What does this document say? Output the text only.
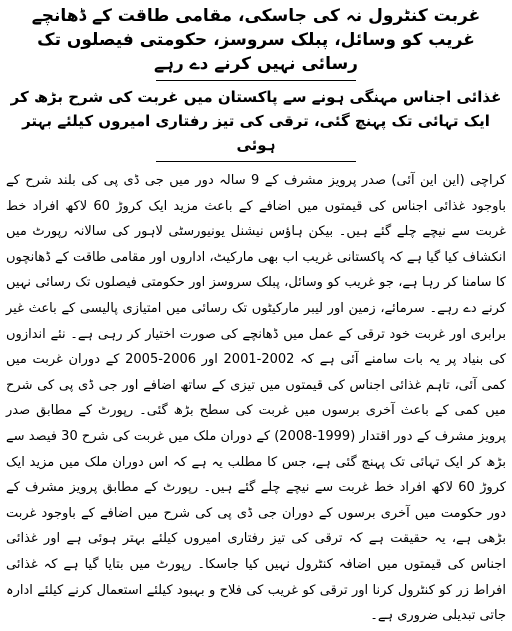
غربت کنٹرول نہ کی جاسکی، مقامی طاقت کے ڈھانچے غریب کو وسائل، پبلک سروسز، حکومتی فیصلوں تک رسائی نہیں کرنے دے رہے
غذائی اجناس مہنگی ہونے سے پاکستان میں غربت کی شرح بڑھ کر ایک تہائی تک پہنچ گئی، ترقی کی تیز رفتاری امیروں کیلئے بہتر ہوئی

کراچی (این این آئی) صدر پرویز مشرف کے 9 سالہ دور میں جی ڈی پی کی بلند شرح کے باوجود غذائی اجناس کی قیمتوں میں اضافے کے باعث مزید ایک کروڑ 60 لاکھ افراد خط غربت سے نیچے چلے گئے ہیں۔ بیکن ہاؤس نیشنل یونیورسٹی لاہور کی سالانہ رپورٹ میں انکشاف کیا گیا ہے کہ پاکستانی غریب اب بھی مارکیٹ، اداروں اور مقامی طاقت کے ڈھانچوں کا سامنا کر رہا ہے، جو غریب کو وسائل، پبلک سروسز اور حکومتی فیصلوں تک رسائی نہیں کرنے دے رہے۔ سرمائے، زمین اور لیبر مارکیٹوں تک رسائی میں امتیازی پالیسی کے باعث غیر برابری اور غربت خود ترقی کے عمل میں ڈھانچے کی صورت اختیار کر رہی ہے۔ نئے اندازوں کی بنیاد پر یہ بات سامنے آئی ہے کہ 2002-2001 اور 2006-2005 کے دوران غربت میں کمی آئی، تاہم غذائی اجناس کی قیمتوں میں تیزی کے ساتھ اضافے اور جی ڈی پی کی شرح میں کمی کے باعث آخری برسوں میں غربت کی سطح بڑھ گئی۔ رپورٹ کے مطابق صدر پرویز مشرف کے دور اقتدار (1999-2008) کے دوران ملک میں غربت کی شرح 30 فیصد سے بڑھ کر ایک تہائی تک پہنچ گئی ہے، جس کا مطلب یہ ہے کہ اس دوران ملک میں مزید ایک کروڑ 60 لاکھ افراد خط غربت سے نیچے چلے گئے ہیں۔ رپورٹ کے مطابق پرویز مشرف کے دور حکومت میں آخری برسوں کے دوران جی ڈی پی کی شرح میں اضافے کے باوجود غربت بڑھی ہے، یہ حقیقت ہے کہ ترقی کی تیز رفتاری امیروں کیلئے بہتر ہوئی ہے اور غذائی اجناس کی قیمتوں میں اضافہ کنٹرول نہیں کیا جاسکا۔ رپورٹ میں بتایا گیا ہے کہ غذائی افراط زر کو کنٹرول کرنا اور ترقی کو غریب کی فلاح و بہبود کیلئے استعمال کرنے کیلئے ادارہ جاتی تبدیلی ضروری ہے۔
